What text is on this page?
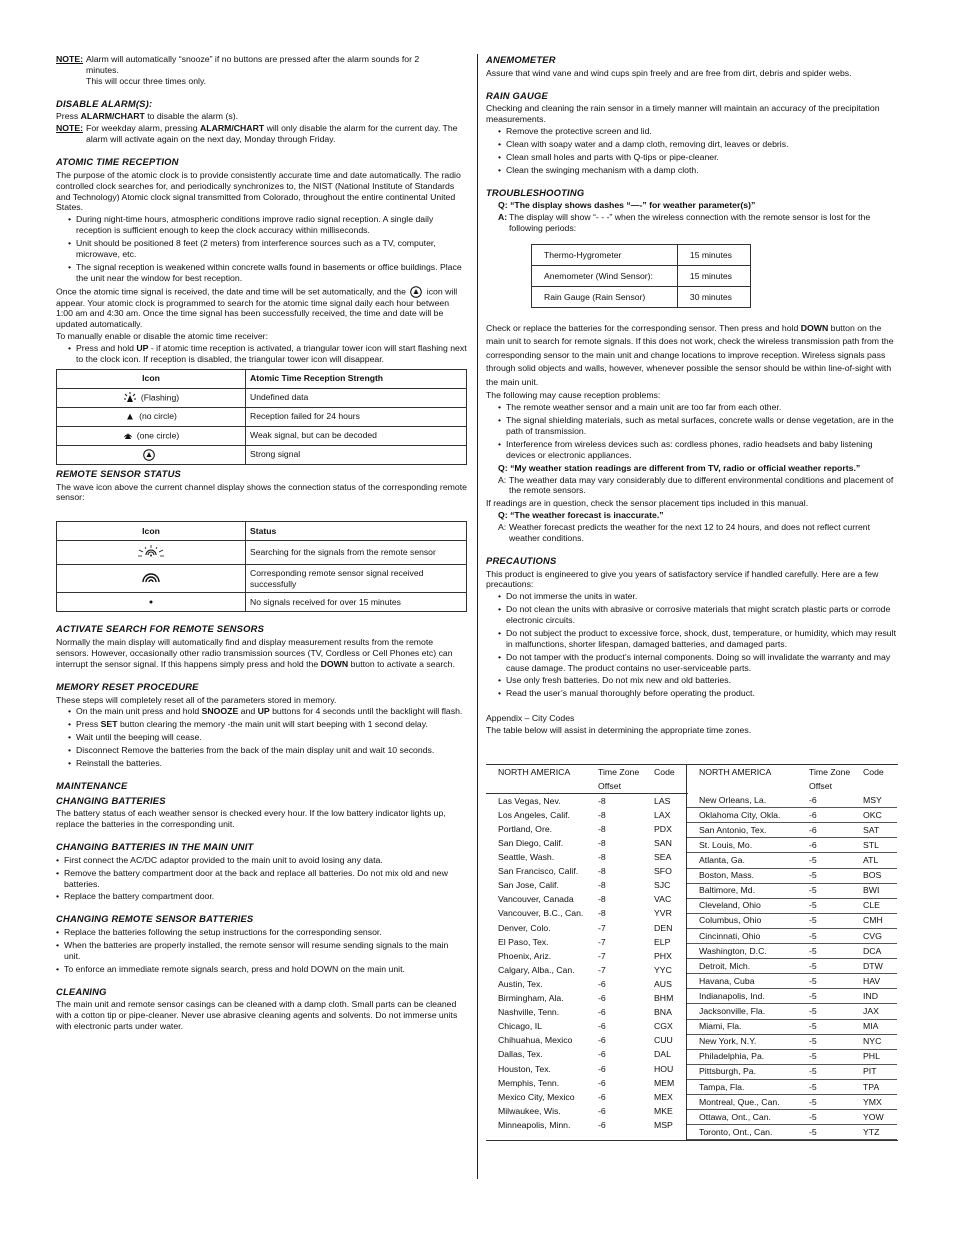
NOTE: Alarm will automatically “snooze” if no buttons are pressed after the alarm sounds for 2
minutes.
This will occur three times only.
DISABLE ALARM(S):

Press ALARM/CHART to disable the alarm (s).

NOTE: For weekday alarm, pressing ALARM/CHART will only disable the alarm for the current day. The alarm will activate again on the next day, Monday through Friday.
ATOMIC TIME RECEPTION

The purpose of the atomic clock is to provide consistently accurate time and date automatically. The radio controlled clock searches for, and periodically synchronizes to, the NIST (National Institute of Standards and Technology) Atomic clock signal transmitted from Colorado, throughout the entire continental United States.

• During night-time hours, atmospheric conditions improve radio signal reception. A single daily reception is sufficient enough to keep the clock accuracy within milliseconds.
• Unit should be positioned 8 feet (2 meters) from interference sources such as a TV, computer, microwave, etc.
• The signal reception is weakened within concrete walls found in basements or office buildings. Place the unit near the window for best reception.

Once the atomic time signal is received, the date and time will be set automatically, and the icon will appear. Your atomic clock is programmed to search for the atomic time signal daily each hour between 1:00 am and 4:30 am. Once the time signal has been successfully received, the time and date will be updated automatically.

To manually enable or disable the atomic time receiver:

• Press and hold UP - if atomic time reception is activated, a triangular tower icon will start flashing next to the clock icon. If reception is disabled, the triangular tower icon will disappear.
Icon	Atomic Time Reception Strength
(Flashing)	Undefined data
(no circle)	Reception failed for 24 hours
(one circle)	Weak signal, but can be decoded
	Strong signal
REMOTE SENSOR STATUS

The wave icon above the current channel display shows the connection status of the corresponding remote sensor:

Icon	Status
	Searching for the signals from the remote sensor
	Corresponding remote sensor signal received successfully
	No signals received for over 15 minutes
ACTIVATE SEARCH FOR REMOTE SENSORS

Normally the main display will automatically find and display measurement results from the remote sensors. However, occasionally other radio transmission sources (TV, Cordless or Cell Phones etc) can interrupt the sensor signal. If this happens simply press and hold the DOWN button to activate a search.

MEMORY RESET PROCEDURE

These steps will completely reset all of the parameters stored in memory.

• On the main unit press and hold SNOOZE and UP buttons for 4 seconds until the backlight will flash.
• Press SET button clearing the memory -the main unit will start beeping with 1 second delay.
• Wait until the beeping will cease.
• Disconnect Remove the batteries from the back of the main display unit and wait 10 seconds.
• Reinstall the batteries.
MAINTENANCE
CHANGING BATTERIES

The battery status of each weather sensor is checked every hour. If the low battery indicator lights up, replace the batteries in the corresponding unit.

CHANGING BATTERIES IN THE MAIN UNIT
• First connect the AC/DC adaptor provided to the main unit to avoid losing any data.
• Remove the battery compartment door at the back and replace all batteries. Do not mix old and new batteries.
• Replace the battery compartment door.
CHANGING REMOTE SENSOR BATTERIES
• Replace the batteries following the setup instructions for the corresponding sensor.
• When the batteries are properly installed, the remote sensor will resume sending signals to the main unit.
• To enforce an immediate remote signals search, press and hold DOWN on the main unit.
CLEANING

The main unit and remote sensor casings can be cleaned with a damp cloth. Small parts can be cleaned with a cotton tip or pipe-cleaner. Never use abrasive cleaning agents and solvents. Do not immerse units with electronic parts under water.

ANEMOMETER

Assure that wind vane and wind cups spin freely and are free from dirt, debris and spider webs.

RAIN GAUGE

Checking and cleaning the rain sensor in a timely manner will maintain an accuracy of the precipitation measurements.

• Remove the protective screen and lid.
• Clean with soapy water and a damp cloth, removing dirt, leaves or debris.
• Clean small holes and parts with Q-tips or pipe-cleaner.
• Clean the swinging mechanism with a damp cloth.
TROUBLESHOOTING

Q: “The display shows dashes “—-” for weather parameter(s)”

A: The display will show “- - -” when the wireless connection with the remote sensor is lost for the following periods:
Thermo-Hygrometer	15 minutes
Anemometer (Wind Sensor):	15 minutes
Rain Gauge (Rain Sensor)	30 minutes

Check or replace the batteries for the corresponding sensor. Then press and hold DOWN button on the main unit to search for remote signals. If this does not work, check the wireless transmission path from the corresponding sensor to the main unit and change locations to improve reception. Wireless signals pass through solid objects and walls, however, whenever possible the sensor should be within line-of-sight with the main unit.

The following may cause reception problems:

• The remote weather sensor and a main unit are too far from each other.
• The signal shielding materials, such as metal surfaces, concrete walls or dense vegetation, are in the path of transmission.
• Interference from wireless devices such as: cordless phones, radio headsets and baby listening devices or electronic appliances.

Q: “My weather station readings are different from TV, radio or official weather reports.”

A: The weather data may vary considerably due to different environmental conditions and placement of the remote sensors.

If readings are in question, check the sensor placement tips included in this manual.

Q: “The weather forecast is inaccurate.”

A: Weather forecast predicts the weather for the next 12 to 24 hours, and does not reflect current weather conditions.
PRECAUTIONS

This product is engineered to give you years of satisfactory service if handled carefully. Here are a few precautions:

• Do not immerse the units in water.
• Do not clean the units with abrasive or corrosive materials that might scratch plastic parts or corrode electronic circuits.
• Do not subject the product to excessive force, shock, dust, temperature, or humidity, which may result in malfunctions, shorter lifespan, damaged batteries, and damaged parts.
• Do not tamper with the product’s internal components. Doing so will invalidate the warranty and may cause damage. The product contains no user-serviceable parts.
• Use only fresh batteries. Do not mix new and old batteries.
• Read the user’s manual thoroughly before operating the product.

Appendix – City Codes

The table below will assist in determining the appropriate time zones.

NORTH AMERICA	Time Zone	Code
	Offset	
Las Vegas, Nev.	-8	LAS
Los Angeles, Calif.	-8	LAX
Portland, Ore.	-8	PDX
San Diego, Calif.	-8	SAN
Seattle, Wash.	-8	SEA
San Francisco, Calif.	-8	SFO
San Jose, Calif.	-8	SJC
Vancouver, Canada	-8	VAC
Vancouver, B.C., Can.	-8	YVR
Denver, Colo.	-7	DEN
El Paso, Tex.	-7	ELP
Phoenix, Ariz.	-7	PHX
Calgary, Alba., Can.	-7	YYC
Austin, Tex.	-6	AUS
Birmingham, Ala.	-6	BHM
Nashville, Tenn.	-6	BNA
Chicago, IL	-6	CGX
Chihuahua, Mexico	-6	CUU
Dallas, Tex.	-6	DAL
Houston, Tex.	-6	HOU
Memphis, Tenn.	-6	MEM
Mexico City, Mexico	-6	MEX
Milwaukee, Wis.	-6	MKE
Minneapolis, Minn.	-6	MSP
NORTH AMERICA	Time Zone	Code
	Offset	
New Orleans, La.	-6	MSY
Oklahoma City, Okla.	-6	OKC
San Antonio, Tex.	-6	SAT
St. Louis, Mo.	-6	STL
Atlanta, Ga.	-5	ATL
Boston, Mass.	-5	BOS
Baltimore, Md.	-5	BWI
Cleveland, Ohio	-5	CLE
Columbus, Ohio	-5	CMH
Cincinnati, Ohio	-5	CVG
Washington, D.C.	-5	DCA
Detroit, Mich.	-5	DTW
Havana, Cuba	-5	HAV
Indianapolis, Ind.	-5	IND
Jacksonville, Fla.	-5	JAX
Miami, Fla.	-5	MIA
New York, N.Y.	-5	NYC
Philadelphia, Pa.	-5	PHL
Pittsburgh, Pa.	-5	PIT
Tampa, Fla.	-5	TPA
Montreal, Que., Can.	-5	YMX
Ottawa, Ont., Can.	-5	YOW
Toronto, Ont., Can.	-5	YTZ
